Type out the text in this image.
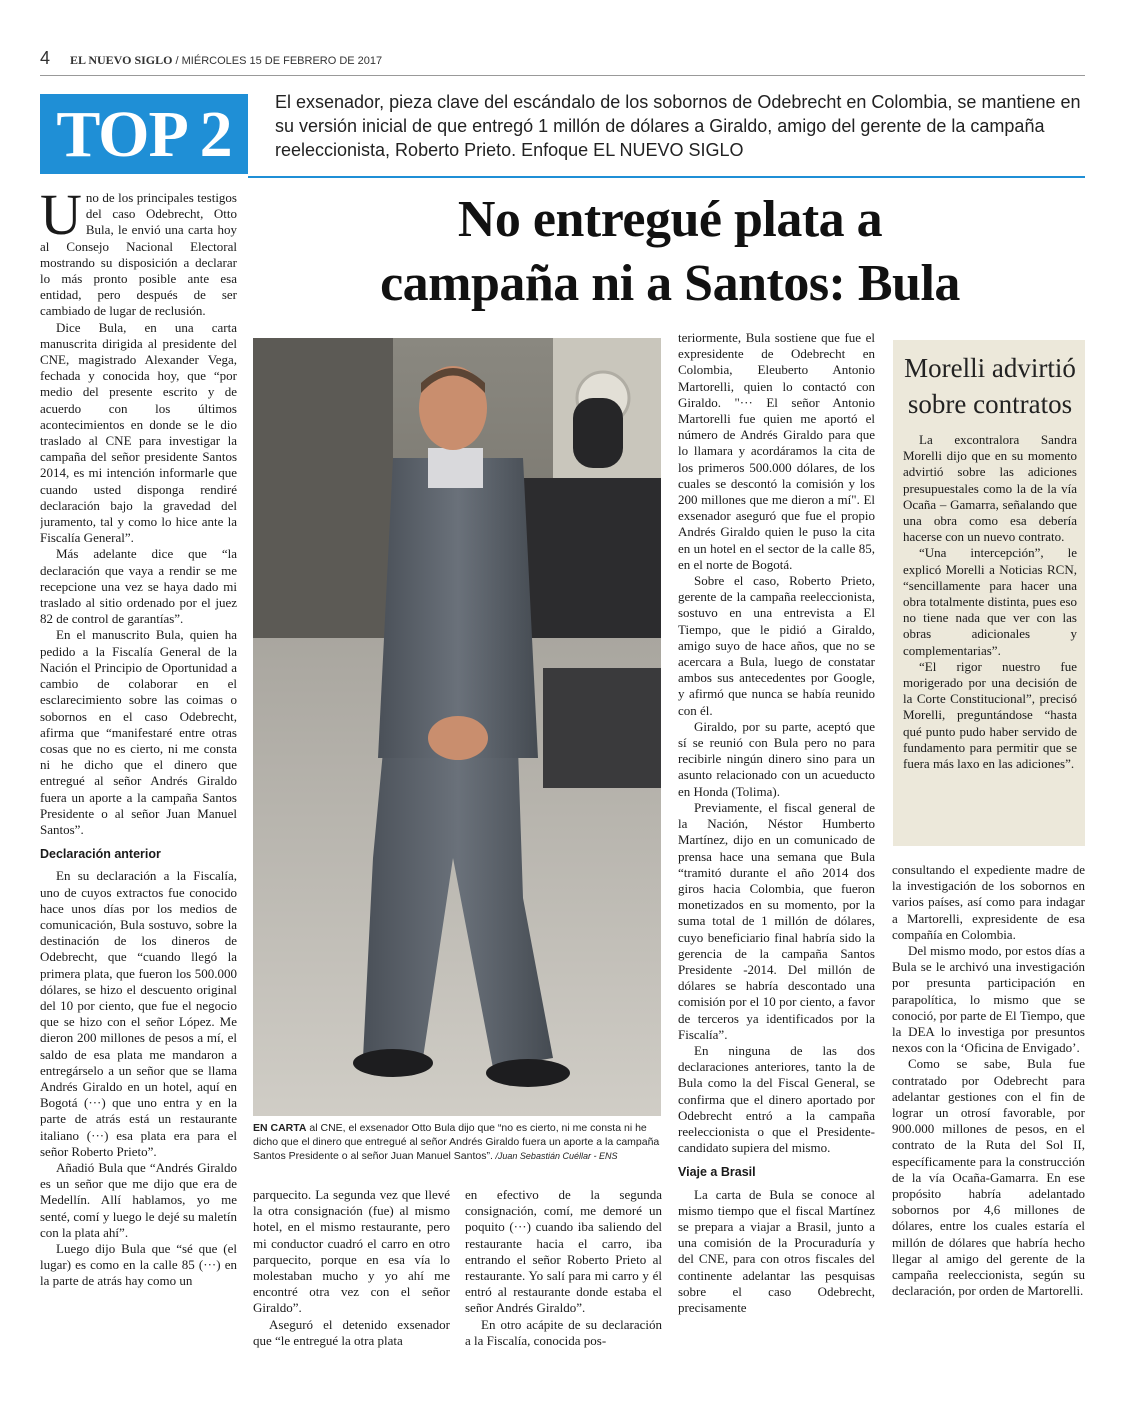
4 EL NUEVO SIGLO / MIÉRCOLES 15 DE FEBRERO DE 2017
TOP 2	El exsenador, pieza clave del escándalo de los sobornos de Odebrecht en Colombia, se mantiene en su versión inicial de que entregó 1 millón de dólares a Giraldo, amigo del gerente de la campaña reeleccionista, Roberto Prieto. Enfoque EL NUEVO SIGLO
No entregué plata a
campaña ni a Santos: Bula

Uno de los principales testigos del caso Odebrecht, Otto Bula, le envió una carta hoy al Consejo Nacional Electoral mostrando su disposición a declarar lo más pronto posible ante esa entidad, pero después de ser cambiado de lugar de reclusión.

Dice Bula, en una carta manuscrita dirigida al presidente del CNE, magistrado Alexander Vega, fechada y conocida hoy, que “por medio del presente escrito y de acuerdo con los últimos acontecimientos en donde se le dio traslado al CNE para investigar la campaña del señor presidente Santos 2014, es mi intención informarle que cuando usted disponga rendiré declaración bajo la gravedad del juramento, tal y como lo hice ante la Fiscalía General”.

Más adelante dice que “la declaración que vaya a rendir se me recepcione una vez se haya dado mi traslado al sitio ordenado por el juez 82 de control de garantías”.

En el manuscrito Bula, quien ha pedido a la Fiscalía General de la Nación el Principio de Oportunidad a cambio de colaborar en el esclarecimiento sobre las coimas o sobornos en el caso Odebrecht, afirma que “manifestaré entre otras cosas que no es cierto, ni me consta ni he dicho que el dinero que entregué al señor Andrés Giraldo fuera un aporte a la campaña Santos Presidente o al señor Juan Manuel Santos”.

Declaración anterior

En su declaración a la Fiscalía, uno de cuyos extractos fue conocido hace unos días por los medios de comunicación, Bula sostuvo, sobre la destinación de los dineros de Odebrecht, que “cuando llegó la primera plata, que fueron los 500.000 dólares, se hizo el descuento original del 10 por ciento, que fue el negocio que se hizo con el señor López. Me dieron 200 millones de pesos a mí, el saldo de esa plata me mandaron a entregárselo a un señor que se llama Andrés Giraldo en un hotel, aquí en Bogotá (···) que uno entra y en la parte de atrás está un restaurante italiano (···) esa plata era para el señor Roberto Prieto”.

Añadió Bula que “Andrés Giraldo es un señor que me dijo que era de Medellín. Allí hablamos, yo me senté, comí y luego le dejé su maletín con la plata ahí”.

Luego dijo Bula que “sé que (el lugar) es como en la calle 85 (···) en la parte de atrás hay como un

EN CARTA al CNE, el exsenador Otto Bula dijo que “no es cierto, ni me consta ni he dicho que el dinero que entregué al señor Andrés Giraldo fuera un aporte a la campaña Santos Presidente o al señor Juan Manuel Santos”. /Juan Sebastián Cuéllar - ENS

parquecito. La segunda vez que llevé la otra consignación (fue) al mismo hotel, en el mismo restaurante, pero mi conductor cuadró el carro en otro parquecito, porque en esa vía lo molestaban mucho y yo ahí me encontré otra vez con el señor Giraldo”.

Aseguró el detenido exsenador que “le entregué la otra plata

en efectivo de la segunda consignación, comí, me demoré un poquito (···) cuando iba saliendo del restaurante hacia el carro, iba entrando el señor Roberto Prieto al restaurante. Yo salí para mi carro y él entró al restaurante donde estaba el señor Andrés Giraldo”.

En otro acápite de su declaración a la Fiscalía, conocida pos-

teriormente, Bula sostiene que fue el expresidente de Odebrecht en Colombia, Eleuberto Antonio Martorelli, quien lo contactó con Giraldo. "··· El señor Antonio Martorelli fue quien me aportó el número de Andrés Giraldo para que lo llamara y acordáramos la cita de los primeros 500.000 dólares, de los cuales se descontó la comisión y los 200 millones que me dieron a mí". El exsenador aseguró que fue el propio Andrés Giraldo quien le puso la cita en un hotel en el sector de la calle 85, en el norte de Bogotá.

Sobre el caso, Roberto Prieto, gerente de la campaña reeleccionista, sostuvo en una entrevista a El Tiempo, que le pidió a Giraldo, amigo suyo de hace años, que no se acercara a Bula, luego de constatar ambos sus antecedentes por Google, y afirmó que nunca se había reunido con él.

Giraldo, por su parte, aceptó que sí se reunió con Bula pero no para recibirle ningún dinero sino para un asunto relacionado con un acueducto en Honda (Tolima).

Previamente, el fiscal general de la Nación, Néstor Humberto Martínez, dijo en un comunicado de prensa hace una semana que Bula “tramitó durante el año 2014 dos giros hacia Colombia, que fueron monetizados en su momento, por la suma total de 1 millón de dólares, cuyo beneficiario final habría sido la gerencia de la campaña Santos Presidente -2014. Del millón de dólares se habría descontado una comisión por el 10 por ciento, a favor de terceros ya identificados por la Fiscalía”.

En ninguna de las dos declaraciones anteriores, tanto la de Bula como la del Fiscal General, se confirma que el dinero aportado por Odebrecht entró a la campaña reeleccionista o que el Presidente-candidato supiera del mismo.

Viaje a Brasil

La carta de Bula se conoce al mismo tiempo que el fiscal Martínez se prepara a viajar a Brasil, junto a una comisión de la Procuraduría y del CNE, para con otros fiscales del continente adelantar las pesquisas sobre el caso Odebrecht, precisamente

Morelli advirtió sobre contratos

La excontralora Sandra Morelli dijo que en su momento advirtió sobre las adiciones presupuestales como la de la vía Ocaña – Gamarra, señalando que una obra como esa debería hacerse con un nuevo contrato.

“Una intercepción”, le explicó Morelli a Noticias RCN, “sencillamente para hacer una obra totalmente distinta, pues eso no tiene nada que ver con las obras adicionales y complementarias”.

“El rigor nuestro fue morigerado por una decisión de la Corte Constitucional”, precisó Morelli, preguntándose “hasta qué punto pudo haber servido de fundamento para permitir que se fuera más laxo en las adiciones”.

consultando el expediente madre de la investigación de los sobornos en varios países, así como para indagar a Martorelli, expresidente de esa compañía en Colombia.

Del mismo modo, por estos días a Bula se le archivó una investigación por presunta participación en parapolítica, lo mismo que se conoció, por parte de El Tiempo, que la DEA lo investiga por presuntos nexos con la ‘Oficina de Envigado’.

Como se sabe, Bula fue contratado por Odebrecht para adelantar gestiones con el fin de lograr un otrosí favorable, por 900.000 millones de pesos, en el contrato de la Ruta del Sol II, específicamente para la construcción de la vía Ocaña-Gamarra. En ese propósito habría adelantado sobornos por 4,6 millones de dólares, entre los cuales estaría el millón de dólares que habría hecho llegar al amigo del gerente de la campaña reeleccionista, según su declaración, por orden de Martorelli.
